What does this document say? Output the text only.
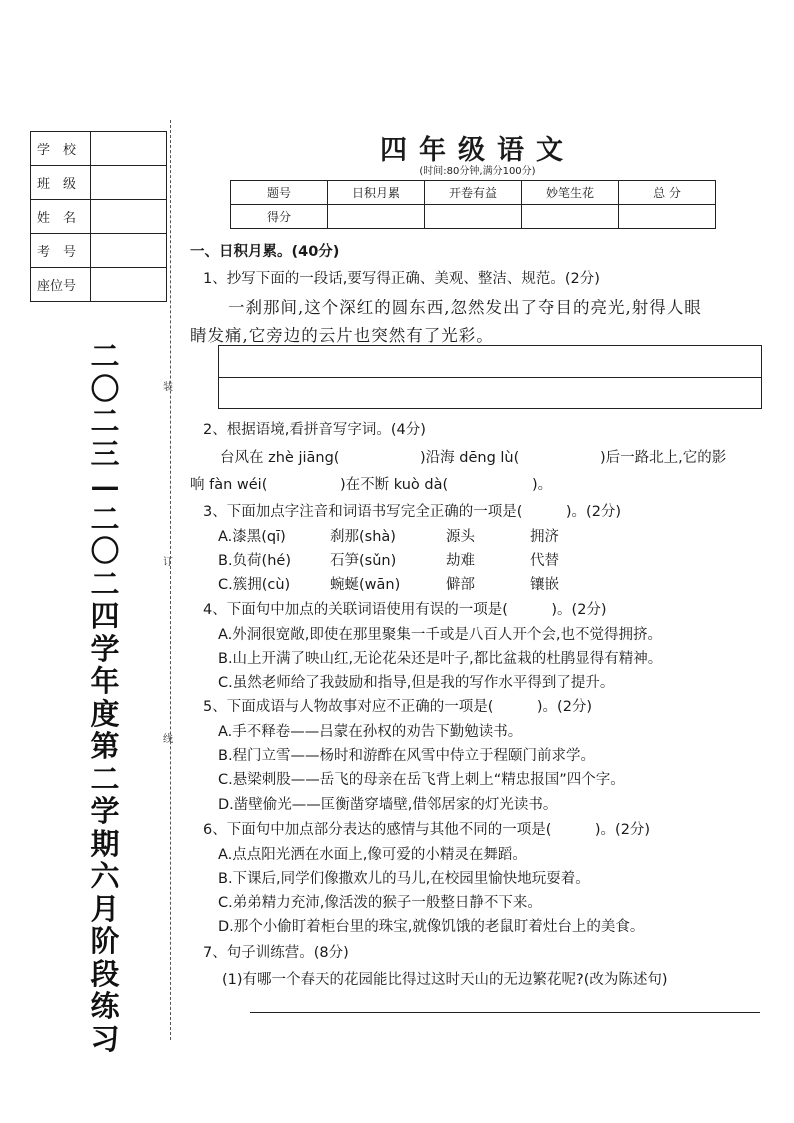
学　校	
班　级	
姓　名	
考　号	
座位号	
二〇二三—二〇二四学年度第二学期六月阶段练习
装
订
线
四年级语文
(时间:80分钟,满分100分)
题号	日积月累	开卷有益	妙笔生花	总 分
得分				
一、日积月累。(40分)
1、抄写下面的一段话,要写得正确、美观、整洁、规范。(2分)
一刹那间,这个深红的圆东西,忽然发出了夺目的亮光,射得人眼
睛发痛,它旁边的云片也突然有了光彩。
2、根据语境,看拼音写字词。(4分)
台风在 zhè jiāng(	)沿海 dēng lù(	)后一路北上,它的影
响 fàn wéi(	)在不断 kuò dà(	)。
3、下面加点字注音和词语书写完全正确的一项是(　　　)。(2分)
A.漆黑(qī)	刹那(shà)	源头	拥济
B.负荷(hé)	石笋(sǔn)	劫难	代替
C.簇拥(cù)	蜿蜒(wān)	僻部	镶嵌
4、下面句中加点的关联词语使用有误的一项是(　　　)。(2分)
A.外洞很宽敞,即使在那里聚集一千或是八百人开个会,也不觉得拥挤。
B.山上开满了映山红,无论花朵还是叶子,都比盆栽的杜鹃显得有精神。
C.虽然老师给了我鼓励和指导,但是我的写作水平得到了提升。
5、下面成语与人物故事对应不正确的一项是(　　　)。(2分)
A.手不释卷——吕蒙在孙权的劝告下勤勉读书。
B.程门立雪——杨时和游酢在风雪中侍立于程颐门前求学。
C.悬梁刺股——岳飞的母亲在岳飞背上刺上“精忠报国”四个字。
D.凿壁偷光——匡衡凿穿墙壁,借邻居家的灯光读书。
6、下面句中加点部分表达的感情与其他不同的一项是(　　　)。(2分)
A.点点阳光洒在水面上,像可爱的小精灵在舞蹈。
B.下课后,同学们像撒欢儿的马儿,在校园里愉快地玩耍着。
C.弟弟精力充沛,像活泼的猴子一般整日静不下来。
D.那个小偷盯着柜台里的珠宝,就像饥饿的老鼠盯着灶台上的美食。
7、句子训练营。(8分)
(1)有哪一个春天的花园能比得过这时天山的无边繁花呢?(改为陈述句)
